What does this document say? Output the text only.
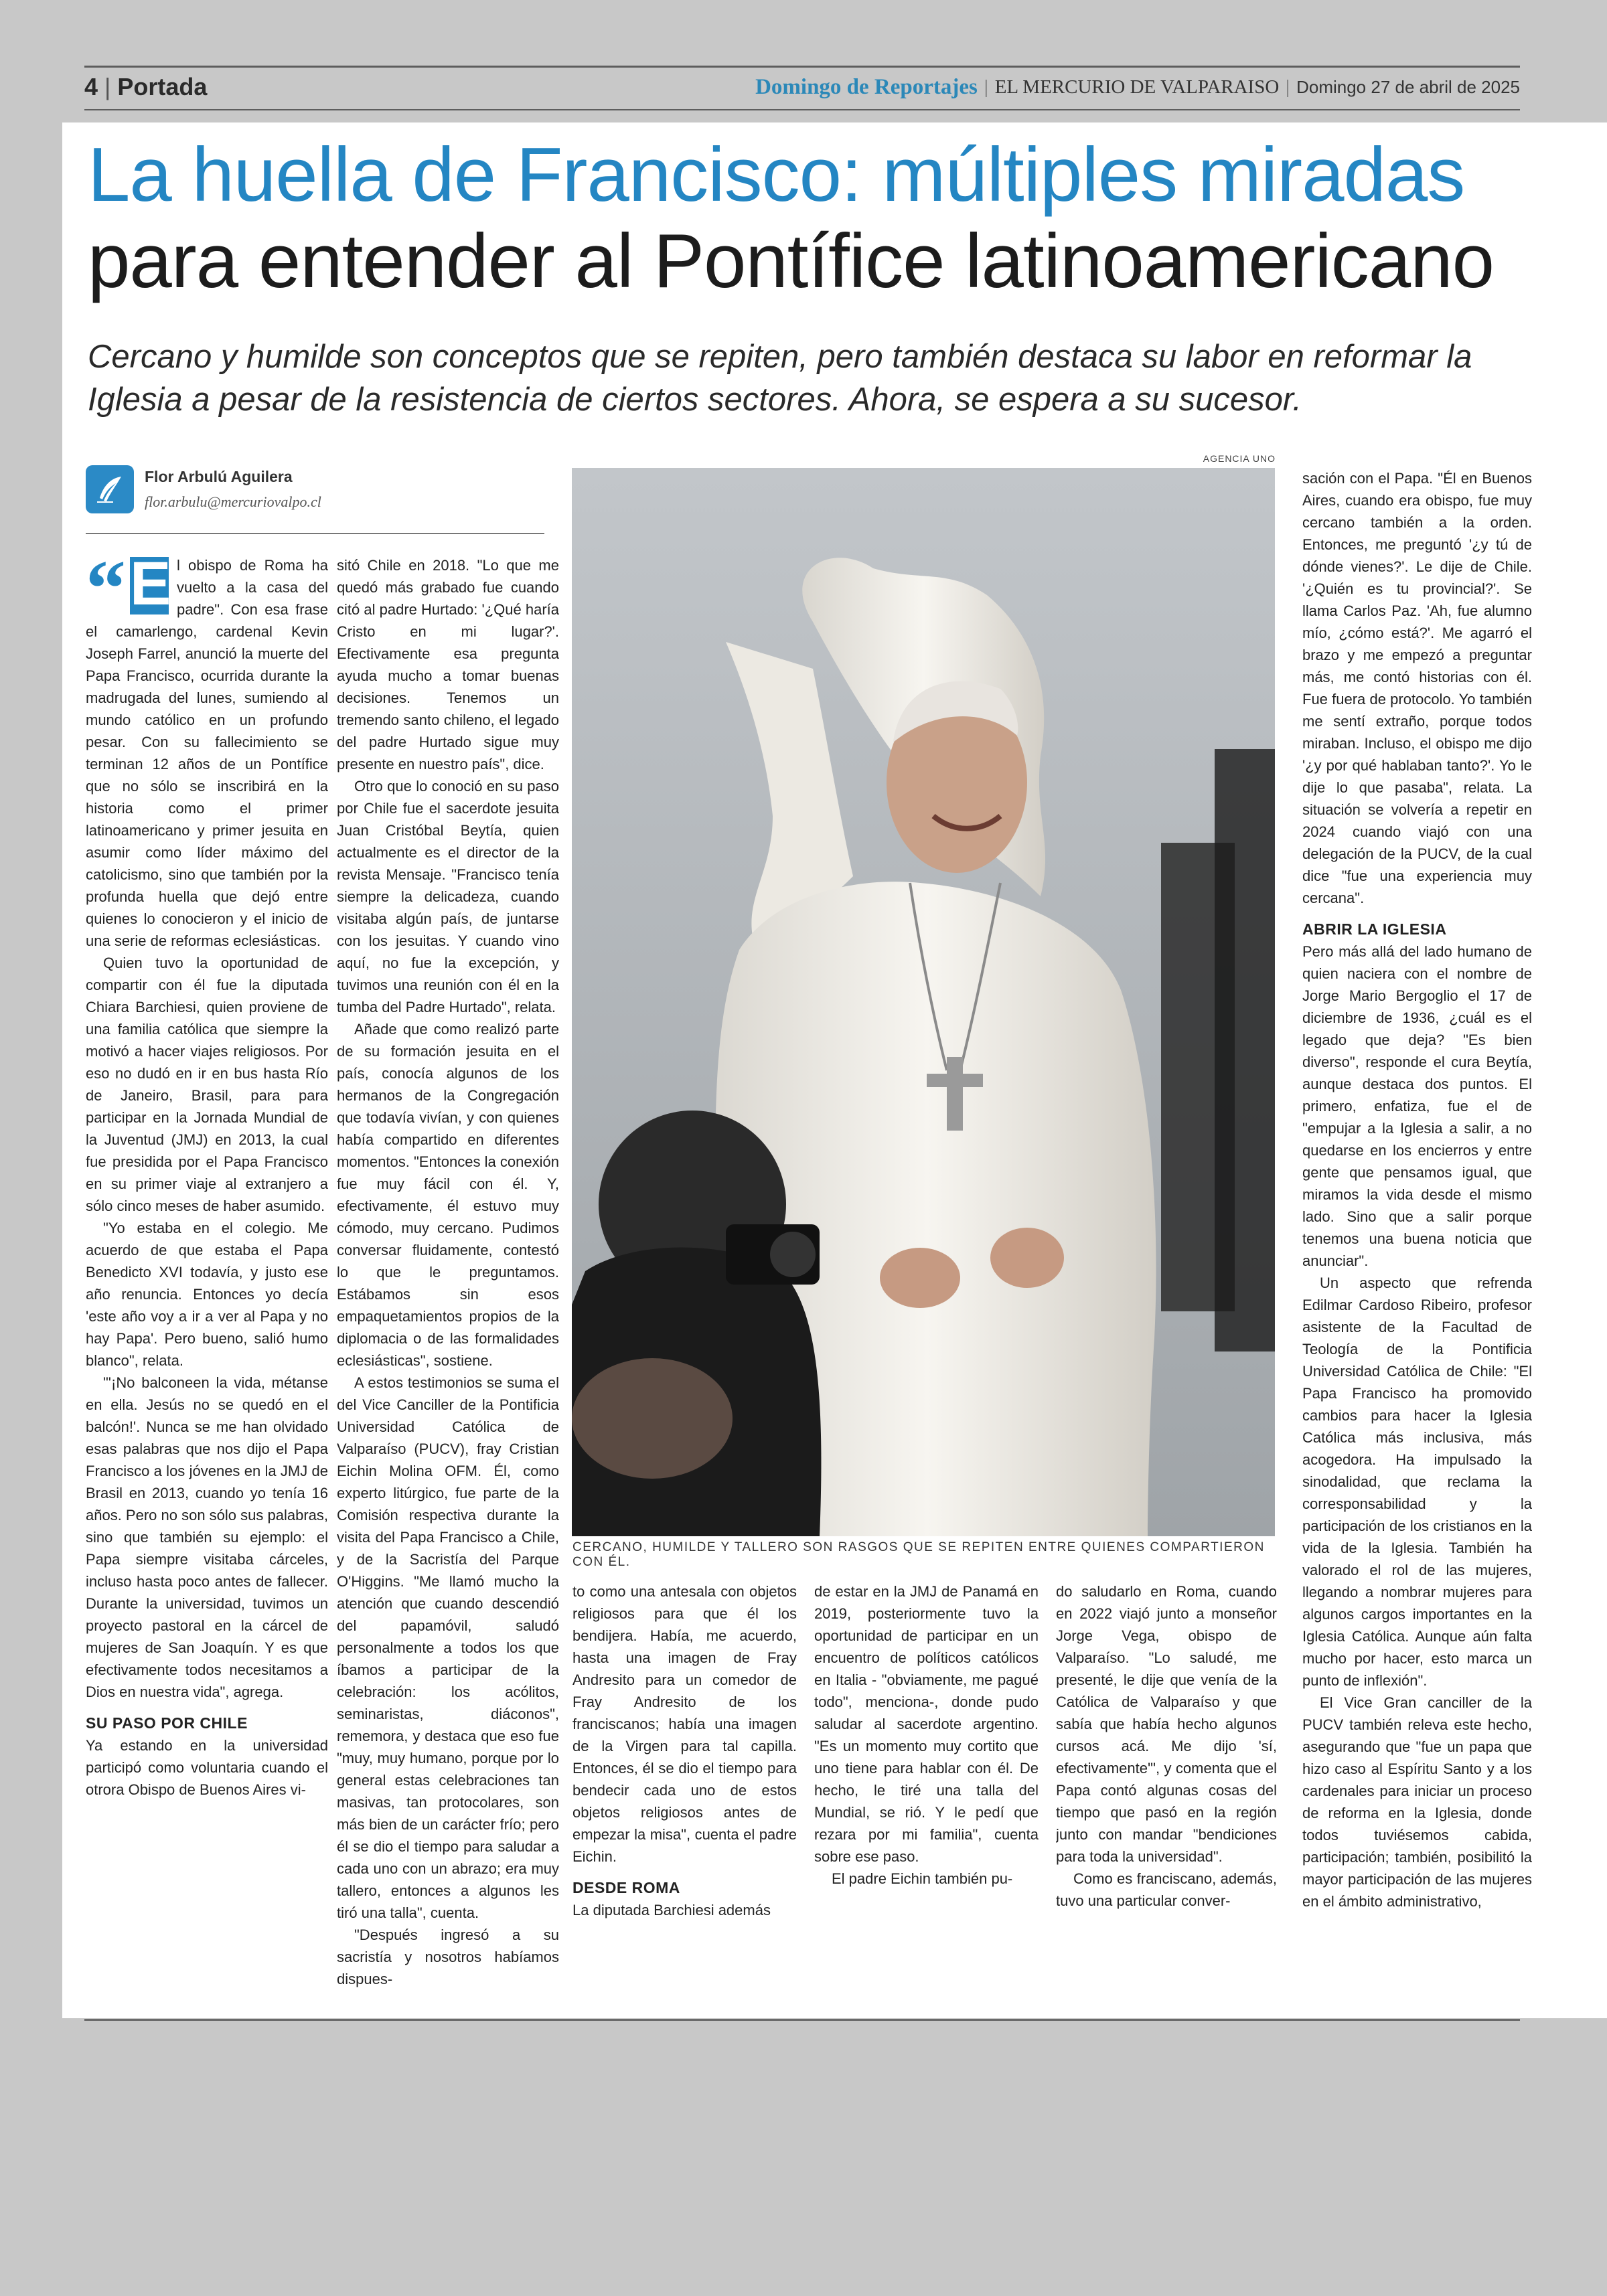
4 | Portada	Domingo de Reportajes | EL MERCURIO DE VALPARAISO | Domingo 27 de abril de 2025
La huella de Francisco: múltiples miradas
para entender al Pontífice latinoamericano
Cercano y humilde son conceptos que se repiten, pero también destaca su labor en reformar la Iglesia a pesar de la resistencia de ciertos sectores. Ahora, se espera a su sucesor.
Flor Arbulú Aguilera
flor.arbulu@mercuriovalpo.cl

“ E l obispo de Roma ha vuelto a la casa del padre". Con esa frase el camarlengo, cardenal Kevin Joseph Farrel, anunció la muerte del Papa Francisco, ocurrida durante la madrugada del lunes, sumiendo al mundo católico en un profundo pesar. Con su fallecimiento se terminan 12 años de un Pontífice que no sólo se inscribirá en la historia como el primer latinoamericano y primer jesuita en asumir como líder máximo del catolicismo, sino que también por la profunda huella que dejó entre quienes lo conocieron y el inicio de una serie de reformas eclesiásticas.

Quien tuvo la oportunidad de compartir con él fue la diputada Chiara Barchiesi, quien proviene de una familia católica que siempre la motivó a hacer viajes religiosos. Por eso no dudó en ir en bus hasta Río de Janeiro, Brasil, para para participar en la Jornada Mundial de la Juventud (JMJ) en 2013, la cual fue presidida por el Papa Francisco en su primer viaje al extranjero a sólo cinco meses de haber asumido.

"Yo estaba en el colegio. Me acuerdo de que estaba el Papa Benedicto XVI todavía, y justo ese año renuncia. Entonces yo decía 'este año voy a ir a ver al Papa y no hay Papa'. Pero bueno, salió humo blanco", relata.

"'¡No balconeen la vida, métanse en ella. Jesús no se quedó en el balcón!'. Nunca se me han olvidado esas palabras que nos dijo el Papa Francisco a los jóvenes en la JMJ de Brasil en 2013, cuando yo tenía 16 años. Pero no son sólo sus palabras, sino que también su ejemplo: el Papa siempre visitaba cárceles, incluso hasta poco antes de fallecer. Durante la universidad, tuvimos un proyecto pastoral en la cárcel de mujeres de San Joaquín. Y es que efectivamente todos necesitamos a Dios en nuestra vida", agrega.

SU PASO POR CHILE

Ya estando en la universidad participó como voluntaria cuando el otrora Obispo de Buenos Aires vi-

sitó Chile en 2018. "Lo que me quedó más grabado fue cuando citó al padre Hurtado: '¿Qué haría Cristo en mi lugar?'. Efectivamente esa pregunta ayuda mucho a tomar buenas decisiones. Tenemos un tremendo santo chileno, el legado del padre Hurtado sigue muy presente en nuestro país", dice.

Otro que lo conoció en su paso por Chile fue el sacerdote jesuita Juan Cristóbal Beytía, quien actualmente es el director de la revista Mensaje. "Francisco tenía siempre la delicadeza, cuando visitaba algún país, de juntarse con los jesuitas. Y cuando vino aquí, no fue la excepción, y tuvimos una reunión con él en la tumba del Padre Hurtado", relata.

Añade que como realizó parte de su formación jesuita en el país, conocía algunos de los hermanos de la Congregación que todavía vivían, y con quienes había compartido en diferentes momentos. "Entonces la conexión fue muy fácil con él. Y, efectivamente, él estuvo muy cómodo, muy cercano. Pudimos conversar fluidamente, contestó lo que le preguntamos. Estábamos sin esos empaquetamientos propios de la diplomacia o de las formalidades eclesiásticas", sostiene.

A estos testimonios se suma el del Vice Canciller de la Pontificia Universidad Católica de Valparaíso (PUCV), fray Cristian Eichin Molina OFM. Él, como experto litúrgico, fue parte de la Comisión respectiva durante la visita del Papa Francisco a Chile, y de la Sacristía del Parque O'Higgins. "Me llamó mucho la atención que cuando descendió del papamóvil, saludó personalmente a todos los que íbamos a participar de la celebración: los acólitos, seminaristas, diáconos", rememora, y destaca que eso fue "muy, muy humano, porque por lo general estas celebraciones tan masivas, tan protocolares, son más bien de un carácter frío; pero él se dio el tiempo para saludar a cada uno con un abrazo; era muy tallero, entonces a algunos les tiró una talla", cuenta.

"Después ingresó a su sacristía y nosotros habíamos dispues-

AGENCIA UNO
CERCANO, HUMILDE Y TALLERO SON RASGOS QUE SE REPITEN ENTRE QUIENES COMPARTIERON CON ÉL.

to como una antesala con objetos religiosos para que él los bendijera. Había, me acuerdo, hasta una imagen de Fray Andresito para un comedor de Fray Andresito de los franciscanos; había una imagen de la Virgen para tal capilla. Entonces, él se dio el tiempo para bendecir cada uno de estos objetos religiosos antes de empezar la misa", cuenta el padre Eichin.

DESDE ROMA

La diputada Barchiesi además

de estar en la JMJ de Panamá en 2019, posteriormente tuvo la oportunidad de participar en un encuentro de políticos católicos en Italia - "obviamente, me pagué todo", menciona-, donde pudo saludar al sacerdote argentino. "Es un momento muy cortito que uno tiene para hablar con él. De hecho, le tiré una talla del Mundial, se rió. Y le pedí que rezara por mi familia", cuenta sobre ese paso.

El padre Eichin también pu-

do saludarlo en Roma, cuando en 2022 viajó junto a monseñor Jorge Vega, obispo de Valparaíso. "Lo saludé, me presenté, le dije que venía de la Católica de Valparaíso y que sabía que había hecho algunos cursos acá. Me dijo 'sí, efectivamente'", y comenta que el Papa contó algunas cosas del tiempo que pasó en la región junto con mandar "bendiciones para toda la universidad".

Como es franciscano, además, tuvo una particular conver-

sación con el Papa. "Él en Buenos Aires, cuando era obispo, fue muy cercano también a la orden. Entonces, me preguntó '¿y tú de dónde vienes?'. Le dije de Chile. '¿Quién es tu provincial?'. Se llama Carlos Paz. 'Ah, fue alumno mío, ¿cómo está?'. Me agarró el brazo y me empezó a preguntar más, me contó historias con él. Fue fuera de protocolo. Yo también me sentí extraño, porque todos miraban. Incluso, el obispo me dijo '¿y por qué hablaban tanto?'. Yo le dije lo que pasaba", relata. La situación se volvería a repetir en 2024 cuando viajó con una delegación de la PUCV, de la cual dice "fue una experiencia muy cercana".

ABRIR LA IGLESIA

Pero más allá del lado humano de quien naciera con el nombre de Jorge Mario Bergoglio el 17 de diciembre de 1936, ¿cuál es el legado que deja? "Es bien diverso", responde el cura Beytía, aunque destaca dos puntos. El primero, enfatiza, fue el de "empujar a la Iglesia a salir, a no quedarse en los encierros y entre gente que pensamos igual, que miramos la vida desde el mismo lado. Sino que a salir porque tenemos una buena noticia que anunciar".

Un aspecto que refrenda Edilmar Cardoso Ribeiro, profesor asistente de la Facultad de Teología de la Pontificia Universidad Católica de Chile: "El Papa Francisco ha promovido cambios para hacer la Iglesia Católica más inclusiva, más acogedora. Ha impulsado la sinodalidad, que reclama la corresponsabilidad y la participación de los cristianos en la vida de la Iglesia. También ha valorado el rol de las mujeres, llegando a nombrar mujeres para algunos cargos importantes en la Iglesia Católica. Aunque aún falta mucho por hacer, esto marca un punto de inflexión".

El Vice Gran canciller de la PUCV también releva este hecho, asegurando que "fue un papa que hizo caso al Espíritu Santo y a los cardenales para iniciar un proceso de reforma en la Iglesia, donde todos tuviésemos cabida, participación; también, posibilitó la mayor participación de las mujeres en el ámbito administrativo,
